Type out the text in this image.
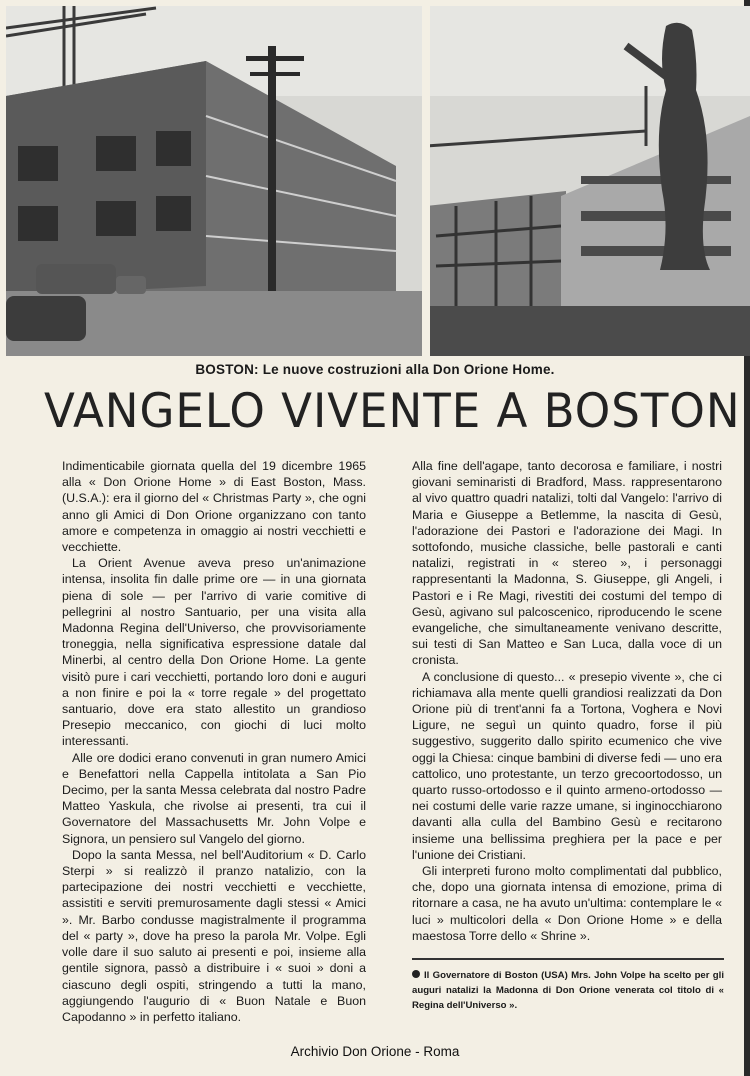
BOSTON: Le nuove costruzioni alla Don Orione Home.
VANGELO VIVENTE A BOSTON

Indimenticabile giornata quella del 19 dicembre 1965 alla « Don Orione Home » di East Boston, Mass. (U.S.A.): era il giorno del « Christmas Party », che ogni anno gli Amici di Don Orione organizzano con tanto amore e competenza in omaggio ai nostri vecchietti e vecchiette.

La Orient Avenue aveva preso un'animazione intensa, insolita fin dalle prime ore — in una giornata piena di sole — per l'arrivo di varie comitive di pellegrini al nostro Santuario, per una visita alla Madonna Regina dell'Universo, che provvisoriamente troneggia, nella significativa espressione datale dal Minerbi, al centro della Don Orione Home. La gente visitò pure i cari vecchietti, portando loro doni e auguri a non finire e poi la « torre regale » del progettato santuario, dove era stato allestito un grandioso Presepio meccanico, con giochi di luci molto interessanti.

Alle ore dodici erano convenuti in gran numero Amici e Benefattori nella Cappella intitolata a San Pio Decimo, per la santa Messa celebrata dal nostro Padre Matteo Yaskula, che rivolse ai presenti, tra cui il Governatore del Massachusetts Mr. John Volpe e Signora, un pensiero sul Vangelo del giorno.

Dopo la santa Messa, nel bell'Auditorium « D. Carlo Sterpi » si realizzò il pranzo natalizio, con la partecipazione dei nostri vecchietti e vecchiette, assistiti e serviti premurosamente dagli stessi « Amici ». Mr. Barbo condusse magistralmente il programma del « party », dove ha preso la parola Mr. Volpe. Egli volle dare il suo saluto ai presenti e poi, insieme alla gentile signora, passò a distribuire i « suoi » doni a ciascuno degli ospiti, stringendo a tutti la mano, aggiungendo l'augurio di « Buon Natale e Buon Capodanno » in perfetto italiano.

Alla fine dell'agape, tanto decorosa e familiare, i nostri giovani seminaristi di Bradford, Mass. rappresentarono al vivo quattro quadri natalizi, tolti dal Vangelo: l'arrivo di Maria e Giuseppe a Betlemme, la nascita di Gesù, l'adorazione dei Pastori e l'adorazione dei Magi. In sottofondo, musiche classiche, belle pastorali e canti natalizi, registrati in « stereo », i personaggi rappresentanti la Madonna, S. Giuseppe, gli Angeli, i Pastori e i Re Magi, rivestiti dei costumi del tempo di Gesù, agivano sul palcoscenico, riproducendo le scene evangeliche, che simultaneamente venivano descritte, sui testi di San Matteo e San Luca, dalla voce di un cronista.

A conclusione di questo... « presepio vivente », che ci richiamava alla mente quelli grandiosi realizzati da Don Orione più di trent'anni fa a Tortona, Voghera e Novi Ligure, ne seguì un quinto quadro, forse il più suggestivo, suggerito dallo spirito ecumenico che vive oggi la Chiesa: cinque bambini di diverse fedi — uno era cattolico, uno protestante, un terzo grecoortodosso, un quarto russo-ortodosso e il quinto armeno-ortodosso — nei costumi delle varie razze umane, si inginocchiarono davanti alla culla del Bambino Gesù e recitarono insieme una bellissima preghiera per la pace e per l'unione dei Cristiani.

Gli interpreti furono molto complimentati dal pubblico, che, dopo una giornata intensa di emozione, prima di ritornare a casa, ne ha avuto un'ultima: contemplare le « luci » multicolori della « Don Orione Home » e della maestosa Torre dello « Shrine ».

Il Governatore di Boston (USA) Mrs. John Volpe ha scelto per gli auguri natalizi la Madonna di Don Orione venerata col titolo di « Regina dell'Universo ».
Archivio Don Orione - Roma
